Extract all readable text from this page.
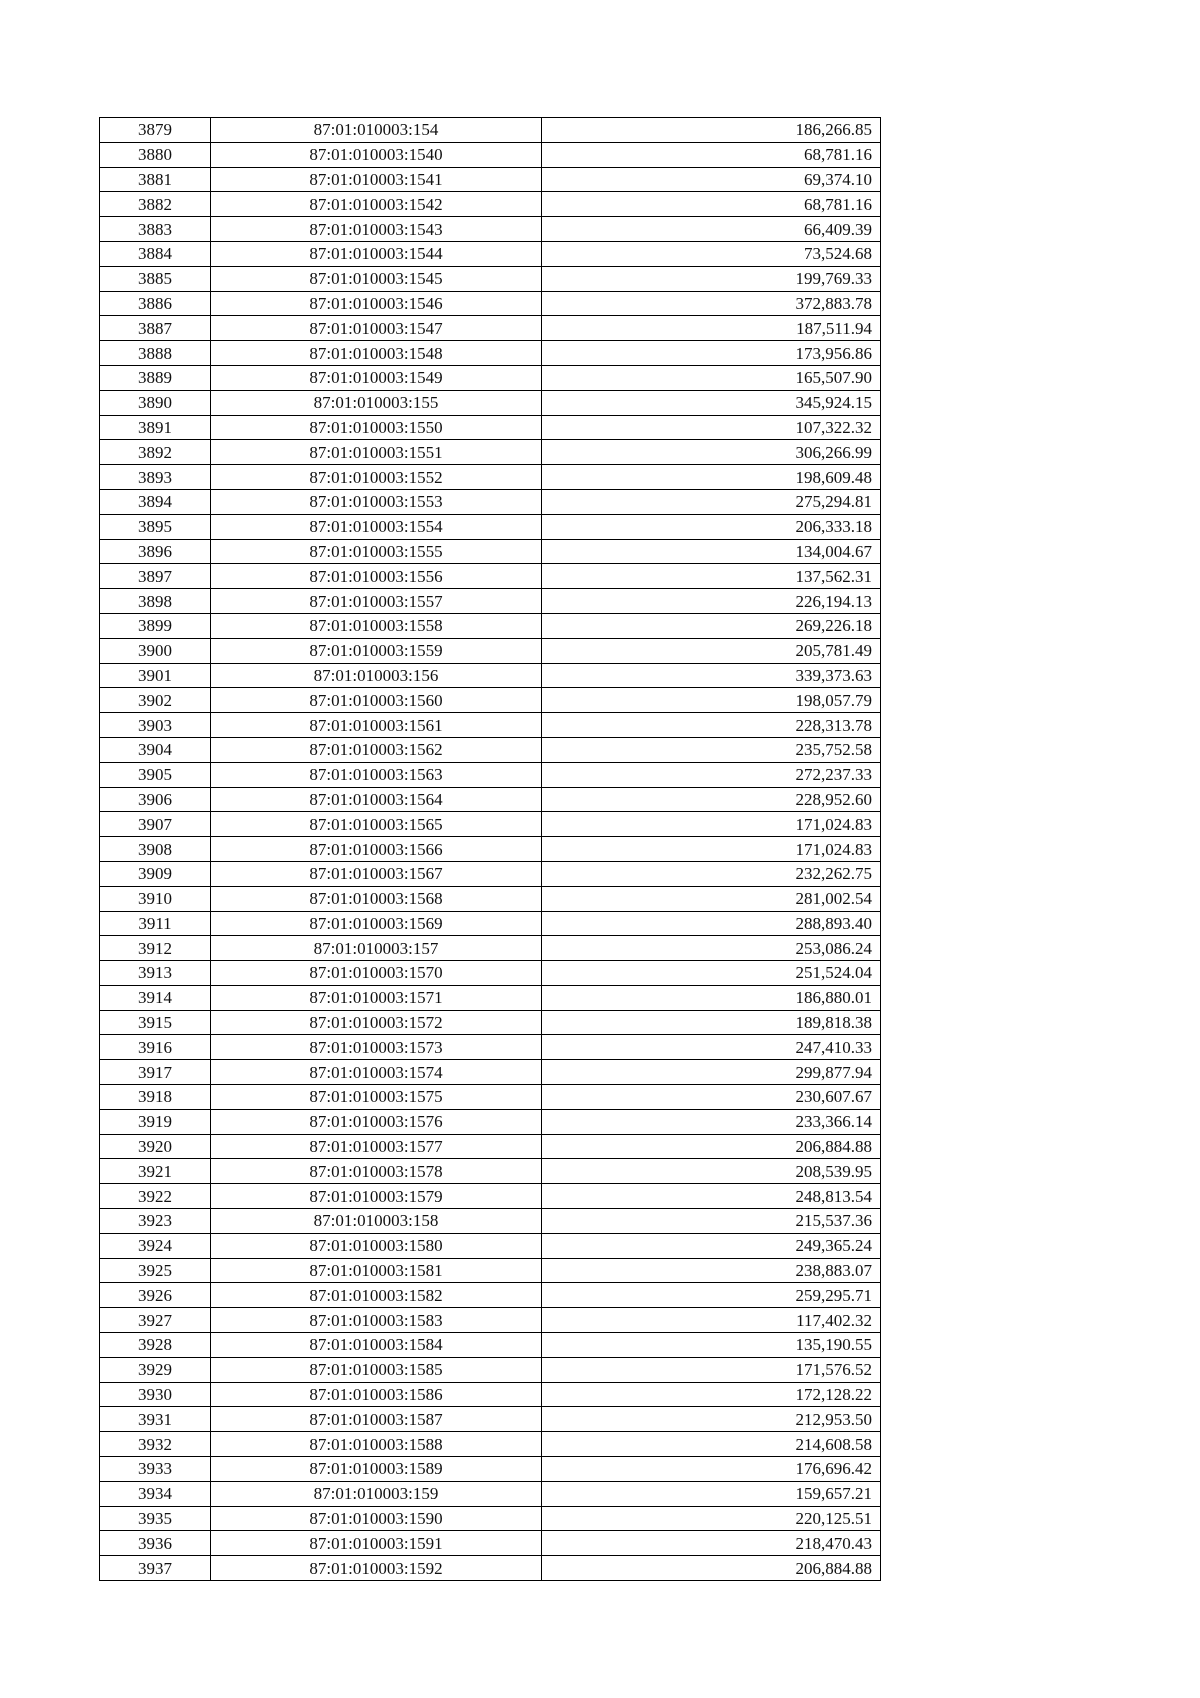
3879	87:01:010003:154	186,266.85
3880	87:01:010003:1540	68,781.16
3881	87:01:010003:1541	69,374.10
3882	87:01:010003:1542	68,781.16
3883	87:01:010003:1543	66,409.39
3884	87:01:010003:1544	73,524.68
3885	87:01:010003:1545	199,769.33
3886	87:01:010003:1546	372,883.78
3887	87:01:010003:1547	187,511.94
3888	87:01:010003:1548	173,956.86
3889	87:01:010003:1549	165,507.90
3890	87:01:010003:155	345,924.15
3891	87:01:010003:1550	107,322.32
3892	87:01:010003:1551	306,266.99
3893	87:01:010003:1552	198,609.48
3894	87:01:010003:1553	275,294.81
3895	87:01:010003:1554	206,333.18
3896	87:01:010003:1555	134,004.67
3897	87:01:010003:1556	137,562.31
3898	87:01:010003:1557	226,194.13
3899	87:01:010003:1558	269,226.18
3900	87:01:010003:1559	205,781.49
3901	87:01:010003:156	339,373.63
3902	87:01:010003:1560	198,057.79
3903	87:01:010003:1561	228,313.78
3904	87:01:010003:1562	235,752.58
3905	87:01:010003:1563	272,237.33
3906	87:01:010003:1564	228,952.60
3907	87:01:010003:1565	171,024.83
3908	87:01:010003:1566	171,024.83
3909	87:01:010003:1567	232,262.75
3910	87:01:010003:1568	281,002.54
3911	87:01:010003:1569	288,893.40
3912	87:01:010003:157	253,086.24
3913	87:01:010003:1570	251,524.04
3914	87:01:010003:1571	186,880.01
3915	87:01:010003:1572	189,818.38
3916	87:01:010003:1573	247,410.33
3917	87:01:010003:1574	299,877.94
3918	87:01:010003:1575	230,607.67
3919	87:01:010003:1576	233,366.14
3920	87:01:010003:1577	206,884.88
3921	87:01:010003:1578	208,539.95
3922	87:01:010003:1579	248,813.54
3923	87:01:010003:158	215,537.36
3924	87:01:010003:1580	249,365.24
3925	87:01:010003:1581	238,883.07
3926	87:01:010003:1582	259,295.71
3927	87:01:010003:1583	117,402.32
3928	87:01:010003:1584	135,190.55
3929	87:01:010003:1585	171,576.52
3930	87:01:010003:1586	172,128.22
3931	87:01:010003:1587	212,953.50
3932	87:01:010003:1588	214,608.58
3933	87:01:010003:1589	176,696.42
3934	87:01:010003:159	159,657.21
3935	87:01:010003:1590	220,125.51
3936	87:01:010003:1591	218,470.43
3937	87:01:010003:1592	206,884.88
